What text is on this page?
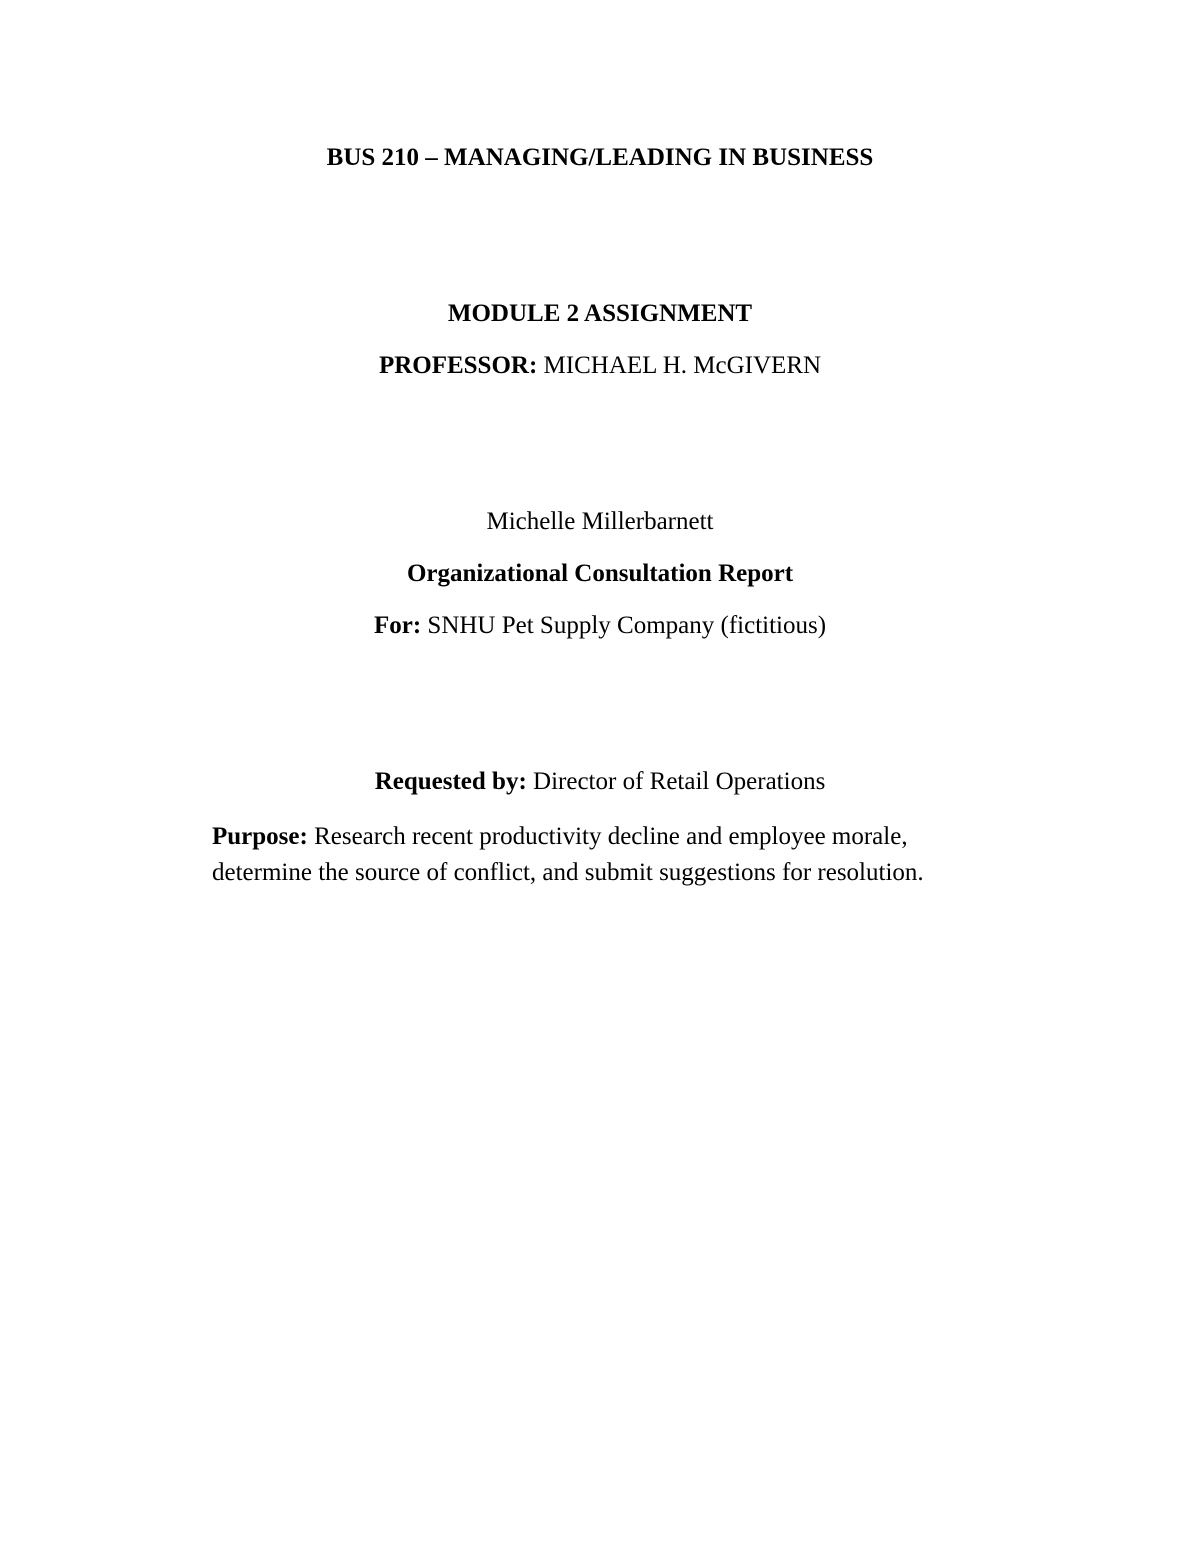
BUS 210 – MANAGING/LEADING IN BUSINESS
MODULE 2 ASSIGNMENT
PROFESSOR: MICHAEL H. McGIVERN
Michelle Millerbarnett
Organizational Consultation Report
For: SNHU Pet Supply Company (fictitious)
Requested by: Director of Retail Operations
Purpose: Research recent productivity decline and employee morale,
determine the source of conflict, and submit suggestions for resolution.
